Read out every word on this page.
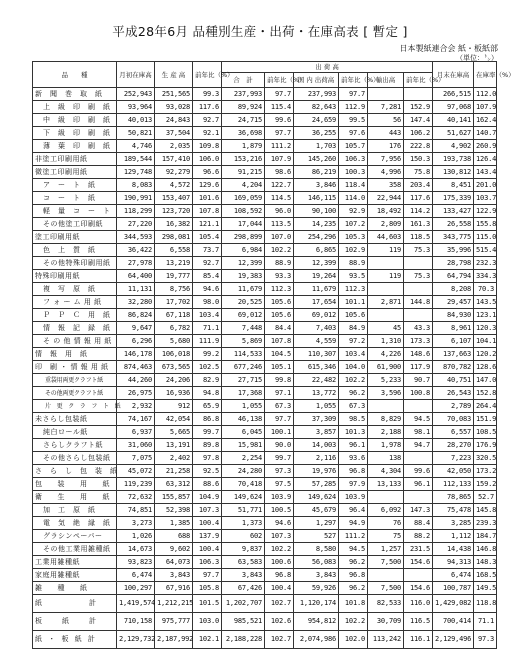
平成28年6月 品種別生産・出荷・在庫高表 [ 暫定 ]
日本製紙連合会 紙・板紙部
（単位：㌧）
品　　種	月初在庫高	生 産 高	前年比（%）	出 荷 高						月末在庫高	在庫率（%）
				合　計	前年比（%）	国 内 出荷高	前年比（%）	輸出高	前年比（%）		
新　聞　巻　取　紙	252,943	251,565	99.3	237,993	97.7	237,993	97.7			266,515	112.0
上　級　印　刷　紙	93,964	93,028	117.6	89,924	115.4	82,643	112.9	7,281	152.9	97,068	107.9
中　級　印　刷　紙	40,013	24,843	92.7	24,715	99.6	24,659	99.5	56	147.4	40,141	162.4
下　級　印　刷　紙	50,821	37,504	92.1	36,698	97.7	36,255	97.6	443	106.2	51,627	140.7
薄　葉　印　刷　紙	4,746	2,035	109.8	1,879	111.2	1,703	105.7	176	222.8	4,902	260.9
非塗工印刷用紙	189,544	157,410	106.0	153,216	107.9	145,260	106.3	7,956	150.3	193,738	126.4
微塗工印刷用紙	129,748	92,279	96.6	91,215	98.6	86,219	100.3	4,996	75.8	130,812	143.4
ア　ー　ト　紙	8,083	4,572	129.6	4,204	122.7	3,846	118.4	358	203.4	8,451	201.0
コ　ー　ト　紙	190,991	153,407	101.6	169,059	114.5	146,115	114.0	22,944	117.6	175,339	103.7
軽　量　コ　ー　ト	118,299	123,720	107.8	108,592	96.0	90,100	92.9	18,492	114.2	133,427	122.9
その他塗工印刷紙	27,220	16,382	121.1	17,044	113.5	14,235	107.2	2,809	161.3	26,558	155.8
塗工印刷用紙	344,593	298,081	105.4	298,899	107.0	254,296	105.3	44,603	118.5	343,775	115.0
色　上　質　紙	36,422	6,558	73.7	6,984	102.2	6,865	102.9	119	75.3	35,996	515.4
その他特殊印刷用紙	27,978	13,219	92.7	12,399	88.9	12,399	88.9			28,798	232.3
特殊印刷用紙	64,400	19,777	85.4	19,383	93.3	19,264	93.5	119	75.3	64,794	334.3
複　写　原　紙	11,131	8,756	94.6	11,679	112.3	11,679	112.3			8,208	70.3
フ ォ ー ム 用 紙	32,280	17,702	98.0	20,525	105.6	17,654	101.1	2,871	144.8	29,457	143.5
Ｐ　Ｐ　Ｃ　用　紙	86,824	67,118	103.4	69,012	105.6	69,012	105.6			84,930	123.1
情　報　記　録　紙	9,647	6,782	71.1	7,448	84.4	7,403	84.9	45	43.3	8,961	120.3
そ の 他 情 報 用 紙	6,296	5,680	111.9	5,869	107.8	4,559	97.2	1,310	173.3	6,107	104.1
情　報　用　紙	146,178	106,018	99.2	114,533	104.5	110,307	103.4	4,226	148.6	137,663	120.2
印　刷 ・ 情 報 用 紙	874,463	673,565	102.5	677,246	105.1	615,346	104.0	61,900	117.9	870,782	128.6
重袋用両更クラフト紙	44,260	24,206	82.9	27,715	99.8	22,482	102.2	5,233	90.7	40,751	147.0
その他両更クラフト紙	26,975	16,936	94.8	17,368	97.1	13,772	96.2	3,596	100.8	26,543	152.8
片　更　ク　ラ　フ　ト　紙	2,932	912	65.9	1,055	67.3	1,055	67.3			2,789	264.4
未さらし包装紙	74,167	42,054	86.8	46,138	97.7	37,309	98.5	8,829	94.5	70,083	151.9
純白ロール紙	6,937	5,665	99.7	6,045	100.1	3,857	101.3	2,188	98.1	6,557	108.5
さらしクラフト紙	31,060	13,191	89.8	15,981	90.0	14,003	96.1	1,978	94.7	28,270	176.9
その他さらし包装紙	7,075	2,402	97.8	2,254	99.7	2,116	93.6	138		7,223	320.5
さ　ら　し　包　装　紙	45,072	21,258	92.5	24,280	97.3	19,976	96.8	4,304	99.6	42,050	173.2
包　　装　　用　　紙	119,239	63,312	88.6	70,418	97.5	57,285	97.9	13,133	96.1	112,133	159.2
衛　　生　　用　　紙	72,632	155,857	104.9	149,624	103.9	149,624	103.9			78,865	52.7
加　工　原　紙	74,851	52,398	107.3	51,771	100.5	45,679	96.4	6,092	147.3	75,478	145.8
電　気　絶　縁　紙	3,273	1,385	100.4	1,373	94.6	1,297	94.9	76	88.4	3,285	239.3
グラシンペーパー	1,026	688	137.9	602	107.3	527	111.2	75	88.2	1,112	184.7
その他工業用雑種紙	14,673	9,602	100.4	9,837	102.2	8,580	94.5	1,257	231.5	14,438	146.8
工業用雑種紙	93,823	64,073	106.3	63,583	100.6	56,083	96.2	7,500	154.6	94,313	148.3
家庭用雑種紙	6,474	3,843	97.7	3,843	96.8	3,843	96.8			6,474	168.5
雑　　種　　紙	100,297	67,916	105.8	67,426	100.4	59,926	96.2	7,500	154.6	100,787	149.5
紙　　　　　計	1,419,574	1,212,215	101.5	1,202,707	102.7	1,120,174	101.8	82,533	116.0	1,429,082	118.8
板　　紙　　計	710,158	975,777	103.0	985,521	102.6	954,812	102.2	30,709	116.5	700,414	71.1
紙 ・ 板 紙 計	2,129,732	2,187,992	102.1	2,188,228	102.7	2,074,986	102.0	113,242	116.1	2,129,496	97.3
